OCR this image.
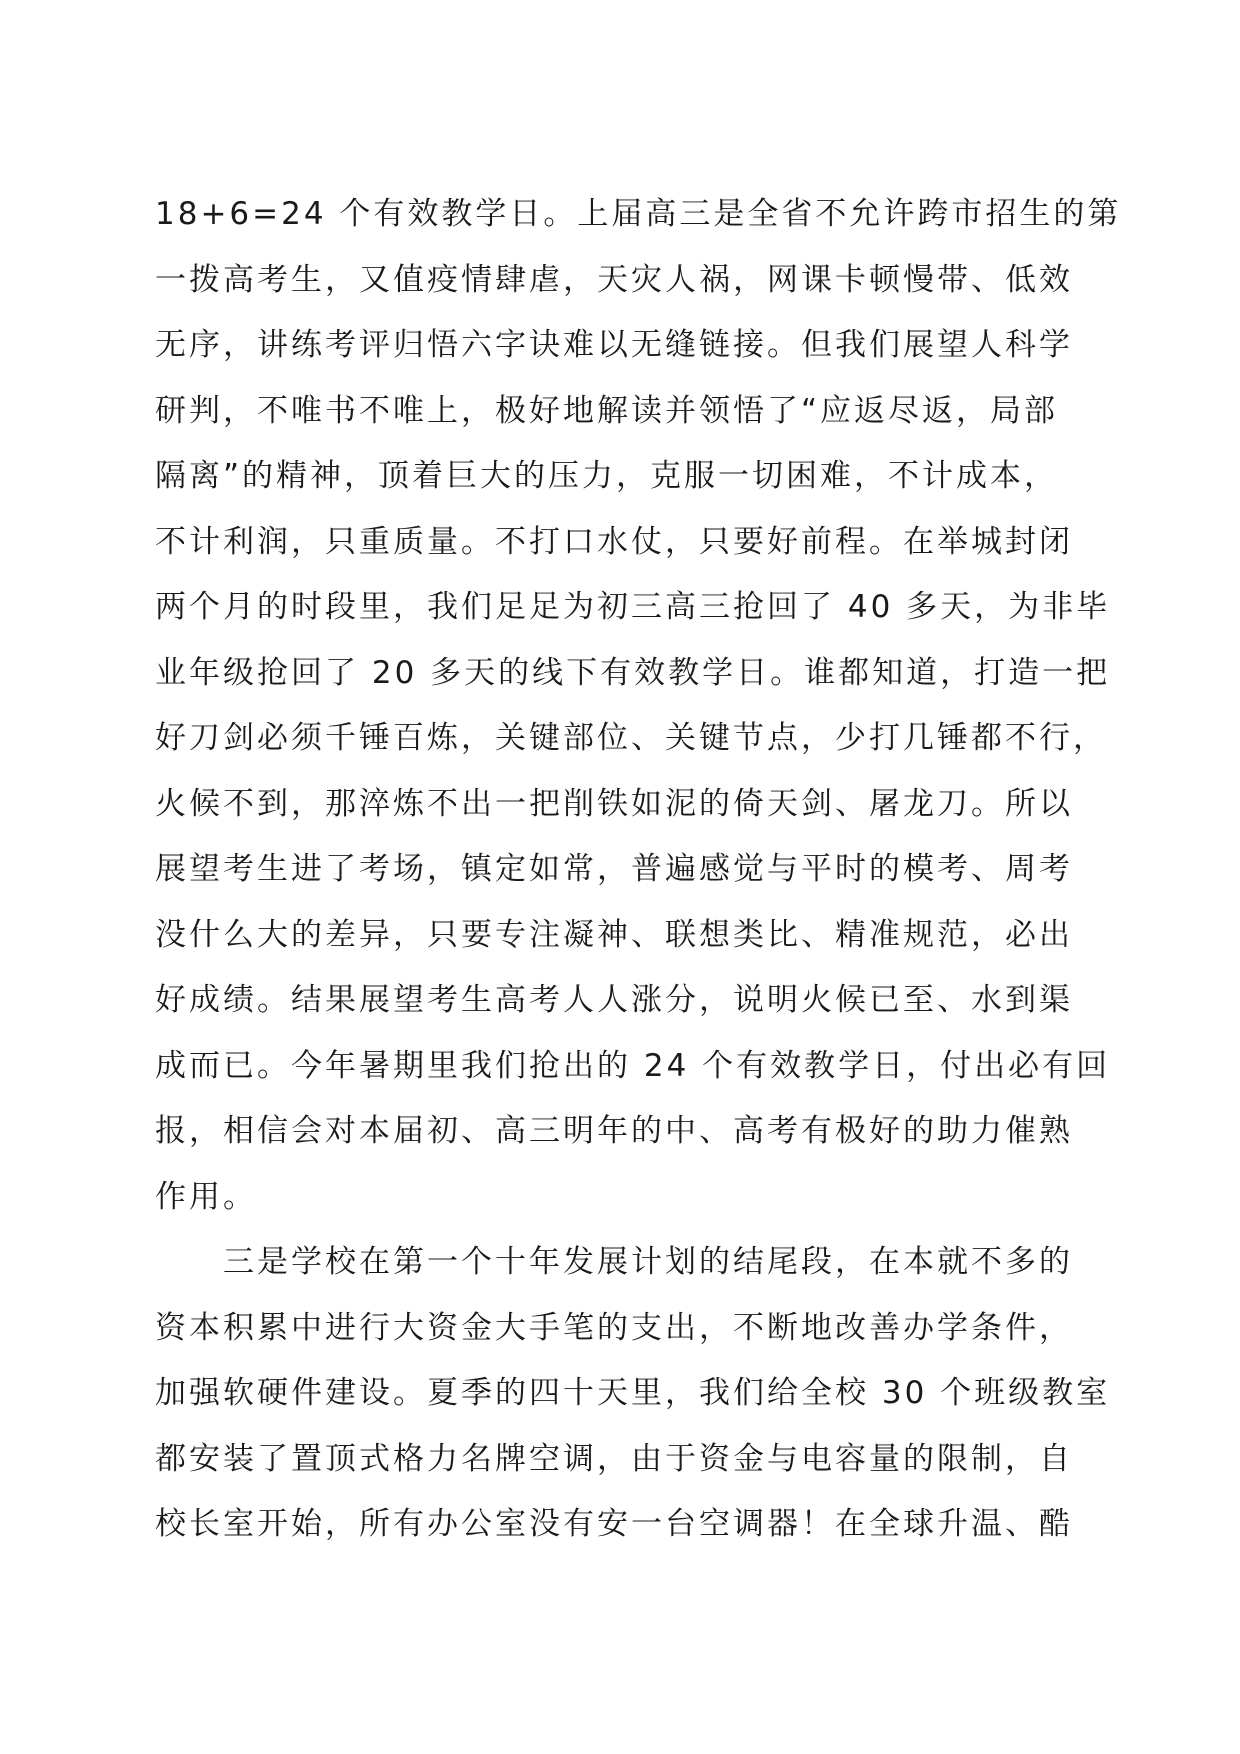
18+6=24 个有效教学日。上届高三是全省不允许跨市招生的第
一拨高考生，又值疫情肆虐，天灾人祸，网课卡顿慢带、低效
无序，讲练考评归悟六字诀难以无缝链接。但我们展望人科学
研判，不唯书不唯上，极好地解读并领悟了“应返尽返，局部
隔离”的精神，顶着巨大的压力，克服一切困难，不计成本，
不计利润，只重质量。不打口水仗，只要好前程。在举城封闭
两个月的时段里，我们足足为初三高三抢回了 40 多天，为非毕
业年级抢回了 20 多天的线下有效教学日。谁都知道，打造一把
好刀剑必须千锤百炼，关键部位、关键节点，少打几锤都不行，
火候不到，那淬炼不出一把削铁如泥的倚天剑、屠龙刀。所以
展望考生进了考场，镇定如常，普遍感觉与平时的模考、周考
没什么大的差异，只要专注凝神、联想类比、精准规范，必出
好成绩。结果展望考生高考人人涨分，说明火候已至、水到渠
成而已。今年暑期里我们抢出的 24 个有效教学日，付出必有回
报，相信会对本届初、高三明年的中、高考有极好的助力催熟
作用。
三是学校在第一个十年发展计划的结尾段，在本就不多的
资本积累中进行大资金大手笔的支出，不断地改善办学条件，
加强软硬件建设。夏季的四十天里，我们给全校 30 个班级教室
都安装了置顶式格力名牌空调，由于资金与电容量的限制，自
校长室开始，所有办公室没有安一台空调器！在全球升温、酷
